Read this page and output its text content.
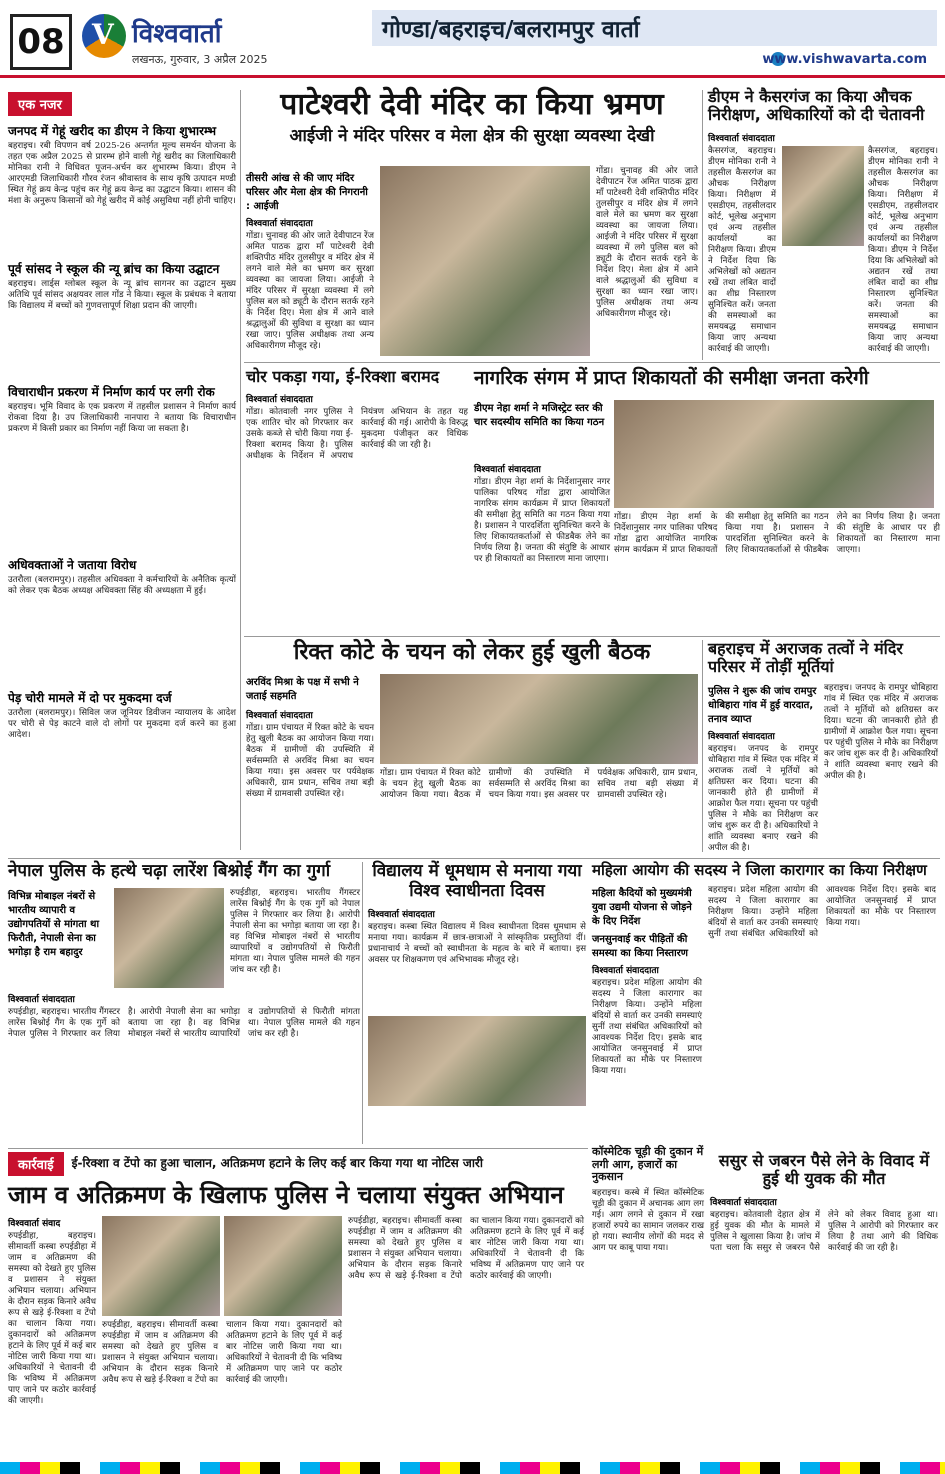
08 V	विश्ववार्ता
लखनऊ, गुरुवार, 3 अप्रैल 2025
गोण्डा/बहराइच/बलरामपुर वार्ता
www.vishwavarta.com
एक नजर
जनपद में गेहूं खरीद का डीएम ने किया शुभारम्भ
बहराइच। रबी विपणन वर्ष 2025-26 अन्तर्गत मूल्य समर्थन योजना के तहत एक अप्रैल 2025 से प्रारम्भ होने वाली गेहूं खरीद का जिलाधिकारी मोनिका रानी ने विधिवत पूजन-अर्चन कर शुभारम्भ किया। डीएम ने आरएमडी जिलाधिकारी गौरव रंजन श्रीवास्तव के साथ कृषि उत्पादन मण्डी स्थित गेहूं क्रय केन्द्र पहुंच कर गेहूं क्रय केन्द्र का उद्घाटन किया। शासन की मंशा के अनुरूप किसानों को गेहूं खरीद में कोई असुविधा नहीं होनी चाहिए।
पूर्व सांसद ने स्कूल की न्यू ब्रांच का किया उद्घाटन
बहराइच। लार्ड्स ग्लोबल स्कूल के न्यू ब्रांच सागनर का उद्घाटन मुख्य अतिथि पूर्व सांसद अक्षयवर लाल गोंड ने किया। स्कूल के प्रबंधक ने बताया कि विद्यालय में बच्चों को गुणवत्तापूर्ण शिक्षा प्रदान की जाएगी।
विचाराधीन प्रकरण में निर्माण कार्य पर लगी रोक
बहराइच। भूमि विवाद के एक प्रकरण में तहसील प्रशासन ने निर्माण कार्य रोकवा दिया है। उप जिलाधिकारी नानपारा ने बताया कि विचाराधीन प्रकरण में किसी प्रकार का निर्माण नहीं किया जा सकता है।
अधिवक्ताओं ने जताया विरोध
उतरौला (बलरामपुर)। तहसील अधिवक्ता ने कर्मचारियों के अनैतिक कृत्यों को लेकर एक बैठक अध्यक्ष अधिवक्ता सिंह की अध्यक्षता में हुई।
पेड़ चोरी मामले में दो पर मुकदमा दर्ज
उतरौला (बलरामपुर)। सिविल जज जूनियर डिवीजन न्यायालय के आदेश पर चोरी से पेड़ काटने वाले दो लोगों पर मुकदमा दर्ज करने का हुआ आदेश।
पाटेश्वरी देवी मंदिर का किया भ्रमण
आईजी ने मंदिर परिसर व मेला क्षेत्र की सुरक्षा व्यवस्था देखी
तीसरी आंख से की जाए मंदिर परिसर और मेला क्षेत्र की निगरानी : आईजी
विश्ववार्ता संवाददाता
गोंडा। चुनावह की ओर जाते देवीपाटन रेंज अमित पाठक द्वारा माँ पाटेश्वरी देवी शक्तिपीठ मंदिर तुलसीपुर व मंदिर क्षेत्र में लगने वाले मेले का भ्रमण कर सुरक्षा व्यवस्था का जायजा लिया। आईजी ने मंदिर परिसर में सुरक्षा व्यवस्था में लगे पुलिस बल को ड्यूटी के दौरान सतर्क रहने के निर्देश दिए। मेला क्षेत्र में आने वाले श्रद्धालुओं की सुविधा व सुरक्षा का ध्यान रखा जाए। पुलिस अधीक्षक तथा अन्य अधिकारीगण मौजूद रहे।
गोंडा। चुनावह की ओर जाते देवीपाटन रेंज अमित पाठक द्वारा माँ पाटेश्वरी देवी शक्तिपीठ मंदिर तुलसीपुर व मंदिर क्षेत्र में लगने वाले मेले का भ्रमण कर सुरक्षा व्यवस्था का जायजा लिया। आईजी ने मंदिर परिसर में सुरक्षा व्यवस्था में लगे पुलिस बल को ड्यूटी के दौरान सतर्क रहने के निर्देश दिए। मेला क्षेत्र में आने वाले श्रद्धालुओं की सुविधा व सुरक्षा का ध्यान रखा जाए। पुलिस अधीक्षक तथा अन्य अधिकारीगण मौजूद रहे।
डीएम ने कैसरगंज का किया औचक निरीक्षण, अधिकारियों को दी चेतावनी
विश्ववार्ता संवाददाता
कैसरगंज, बहराइच। डीएम मोनिका रानी ने तहसील कैसरगंज का औचक निरीक्षण किया। निरीक्षण में एसडीएम, तहसीलदार कोर्ट, भूलेख अनुभाग एवं अन्य तहसील कार्यालयों का निरीक्षण किया। डीएम ने निर्देश दिया कि अभिलेखों को अद्यतन रखें तथा लंबित वादों का शीघ्र निस्तारण सुनिश्चित करें। जनता की समस्याओं का समयबद्ध समाधान किया जाए अन्यथा कार्रवाई की जाएगी।
कैसरगंज, बहराइच। डीएम मोनिका रानी ने तहसील कैसरगंज का औचक निरीक्षण किया। निरीक्षण में एसडीएम, तहसीलदार कोर्ट, भूलेख अनुभाग एवं अन्य तहसील कार्यालयों का निरीक्षण किया। डीएम ने निर्देश दिया कि अभिलेखों को अद्यतन रखें तथा लंबित वादों का शीघ्र निस्तारण सुनिश्चित करें। जनता की समस्याओं का समयबद्ध समाधान किया जाए अन्यथा कार्रवाई की जाएगी।
चोर पकड़ा गया, ई-रिक्शा बरामद
विश्ववार्ता संवाददाता
गोंडा। कोतवाली नगर पुलिस ने एक शातिर चोर को गिरफ्तार कर उसके कब्जे से चोरी किया गया ई-रिक्शा बरामद किया है। पुलिस अधीक्षक के निर्देशन में अपराध नियंत्रण अभियान के तहत यह कार्रवाई की गई। आरोपी के विरुद्ध मुकदमा पंजीकृत कर विधिक कार्रवाई की जा रही है।
नागरिक संगम में प्राप्त शिकायतों की समीक्षा जनता करेगी
डीएम नेहा शर्मा ने मजिस्ट्रेट स्तर की चार सदस्यीय समिति का किया गठन
विश्ववार्ता संवाददाता
गोंडा। डीएम नेहा शर्मा के निर्देशानुसार नगर पालिका परिषद गोंडा द्वारा आयोजित नागरिक संगम कार्यक्रम में प्राप्त शिकायतों की समीक्षा हेतु समिति का गठन किया गया है। प्रशासन ने पारदर्शिता सुनिश्चित करने के लिए शिकायतकर्ताओं से फीडबैक लेने का निर्णय लिया है। जनता की संतुष्टि के आधार पर ही शिकायतों का निस्तारण माना जाएगा।
गोंडा। डीएम नेहा शर्मा के निर्देशानुसार नगर पालिका परिषद गोंडा द्वारा आयोजित नागरिक संगम कार्यक्रम में प्राप्त शिकायतों की समीक्षा हेतु समिति का गठन किया गया है। प्रशासन ने पारदर्शिता सुनिश्चित करने के लिए शिकायतकर्ताओं से फीडबैक लेने का निर्णय लिया है। जनता की संतुष्टि के आधार पर ही शिकायतों का निस्तारण माना जाएगा।
रिक्त कोटे के चयन को लेकर हुई खुली बैठक
अरविंद मिश्रा के पक्ष में सभी ने जताई सहमति
विश्ववार्ता संवाददाता
गोंडा। ग्राम पंचायत में रिक्त कोटे के चयन हेतु खुली बैठक का आयोजन किया गया। बैठक में ग्रामीणों की उपस्थिति में सर्वसम्मति से अरविंद मिश्रा का चयन किया गया। इस अवसर पर पर्यवेक्षक अधिकारी, ग्राम प्रधान, सचिव तथा बड़ी संख्या में ग्रामवासी उपस्थित रहे।
गोंडा। ग्राम पंचायत में रिक्त कोटे के चयन हेतु खुली बैठक का आयोजन किया गया। बैठक में ग्रामीणों की उपस्थिति में सर्वसम्मति से अरविंद मिश्रा का चयन किया गया। इस अवसर पर पर्यवेक्षक अधिकारी, ग्राम प्रधान, सचिव तथा बड़ी संख्या में ग्रामवासी उपस्थित रहे।
बहराइच में अराजक तत्वों ने मंदिर परिसर में तोड़ीं मूर्तियां
पुलिस ने शुरू की जांच रामपुर धोबिहारा गांव में हुई वारदात, तनाव व्याप्त
विश्ववार्ता संवाददाता
बहराइच। जनपद के रामपुर धोबिहारा गांव में स्थित एक मंदिर में अराजक तत्वों ने मूर्तियों को क्षतिग्रस्त कर दिया। घटना की जानकारी होते ही ग्रामीणों में आक्रोश फैल गया। सूचना पर पहुंची पुलिस ने मौके का निरीक्षण कर जांच शुरू कर दी है। अधिकारियों ने शांति व्यवस्था बनाए रखने की अपील की है।
बहराइच। जनपद के रामपुर धोबिहारा गांव में स्थित एक मंदिर में अराजक तत्वों ने मूर्तियों को क्षतिग्रस्त कर दिया। घटना की जानकारी होते ही ग्रामीणों में आक्रोश फैल गया। सूचना पर पहुंची पुलिस ने मौके का निरीक्षण कर जांच शुरू कर दी है। अधिकारियों ने शांति व्यवस्था बनाए रखने की अपील की है।
नेपाल पुलिस के हत्थे चढ़ा लारेंश बिश्नोई गैंग का गुर्गा
विभिन्न मोबाइल नंबरों से भारतीय व्यापारी व उद्योगपतियों से मांगता था फिरौती, नेपाली सेना का भगोड़ा है राम बहादुर
रुपईडीहा, बहराइच। भारतीय गैंगस्टर लारेंस बिश्नोई गैंग के एक गुर्गे को नेपाल पुलिस ने गिरफ्तार कर लिया है। आरोपी नेपाली सेना का भगोड़ा बताया जा रहा है। वह विभिन्न मोबाइल नंबरों से भारतीय व्यापारियों व उद्योगपतियों से फिरौती मांगता था। नेपाल पुलिस मामले की गहन जांच कर रही है।
विश्ववार्ता संवाददाता
रुपईडीहा, बहराइच। भारतीय गैंगस्टर लारेंस बिश्नोई गैंग के एक गुर्गे को नेपाल पुलिस ने गिरफ्तार कर लिया है। आरोपी नेपाली सेना का भगोड़ा बताया जा रहा है। वह विभिन्न मोबाइल नंबरों से भारतीय व्यापारियों व उद्योगपतियों से फिरौती मांगता था। नेपाल पुलिस मामले की गहन जांच कर रही है।
विद्यालय में धूमधाम से मनाया गया विश्व स्वाधीनता दिवस
विश्ववार्ता संवाददाता
बहराइच। कस्बा स्थित विद्यालय में विश्व स्वाधीनता दिवस धूमधाम से मनाया गया। कार्यक्रम में छात्र-छात्राओं ने सांस्कृतिक प्रस्तुतियां दीं। प्रधानाचार्य ने बच्चों को स्वाधीनता के महत्व के बारे में बताया। इस अवसर पर शिक्षकगण एवं अभिभावक मौजूद रहे।
महिला आयोग की सदस्य ने जिला कारागार का किया निरीक्षण
महिला कैदियों को मुख्यमंत्री युवा उद्यमी योजना से जोड़ने के दिए निर्देश
जनसुनवाई कर पीड़ितों की समस्या का किया निस्तारण
विश्ववार्ता संवाददाता
बहराइच। प्रदेश महिला आयोग की सदस्य ने जिला कारागार का निरीक्षण किया। उन्होंने महिला बंदियों से वार्ता कर उनकी समस्याएं सुनीं तथा संबंधित अधिकारियों को आवश्यक निर्देश दिए। इसके बाद आयोजित जनसुनवाई में प्राप्त शिकायतों का मौके पर निस्तारण किया गया।
बहराइच। प्रदेश महिला आयोग की सदस्य ने जिला कारागार का निरीक्षण किया। उन्होंने महिला बंदियों से वार्ता कर उनकी समस्याएं सुनीं तथा संबंधित अधिकारियों को आवश्यक निर्देश दिए। इसके बाद आयोजित जनसुनवाई में प्राप्त शिकायतों का मौके पर निस्तारण किया गया।
कॉस्मेटिक चूड़ी की दुकान में लगी आग, हजारों का नुकसान
बहराइच। कस्बे में स्थित कॉस्मेटिक चूड़ी की दुकान में अचानक आग लग गई। आग लगने से दुकान में रखा हजारों रुपये का सामान जलकर राख हो गया। स्थानीय लोगों की मदद से आग पर काबू पाया गया।
कार्रवाई	ई-रिक्शा व टेंपो का हुआ चालान, अतिक्रमण हटाने के लिए कई बार किया गया था नोटिस जारी
जाम व अतिक्रमण के खिलाफ पुलिस ने चलाया संयुक्त अभियान
विश्ववार्ता संवाद
रुपईडीहा, बहराइच। सीमावर्ती कस्बा रुपईडीहा में जाम व अतिक्रमण की समस्या को देखते हुए पुलिस व प्रशासन ने संयुक्त अभियान चलाया। अभियान के दौरान सड़क किनारे अवैध रूप से खड़े ई-रिक्शा व टेंपो का चालान किया गया। दुकानदारों को अतिक्रमण हटाने के लिए पूर्व में कई बार नोटिस जारी किया गया था। अधिकारियों ने चेतावनी दी कि भविष्य में अतिक्रमण पाए जाने पर कठोर कार्रवाई की जाएगी।
रुपईडीहा, बहराइच। सीमावर्ती कस्बा रुपईडीहा में जाम व अतिक्रमण की समस्या को देखते हुए पुलिस व प्रशासन ने संयुक्त अभियान चलाया। अभियान के दौरान सड़क किनारे अवैध रूप से खड़े ई-रिक्शा व टेंपो का चालान किया गया। दुकानदारों को अतिक्रमण हटाने के लिए पूर्व में कई बार नोटिस जारी किया गया था। अधिकारियों ने चेतावनी दी कि भविष्य में अतिक्रमण पाए जाने पर कठोर कार्रवाई की जाएगी।
रुपईडीहा, बहराइच। सीमावर्ती कस्बा रुपईडीहा में जाम व अतिक्रमण की समस्या को देखते हुए पुलिस व प्रशासन ने संयुक्त अभियान चलाया। अभियान के दौरान सड़क किनारे अवैध रूप से खड़े ई-रिक्शा व टेंपो का चालान किया गया। दुकानदारों को अतिक्रमण हटाने के लिए पूर्व में कई बार नोटिस जारी किया गया था। अधिकारियों ने चेतावनी दी कि भविष्य में अतिक्रमण पाए जाने पर कठोर कार्रवाई की जाएगी।
ससुर से जबरन पैसे लेने के विवाद में हुई थी युवक की मौत
विश्ववार्ता संवाददाता
बहराइच। कोतवाली देहात क्षेत्र में हुई युवक की मौत के मामले में पुलिस ने खुलासा किया है। जांच में पता चला कि ससुर से जबरन पैसे लेने को लेकर विवाद हुआ था। पुलिस ने आरोपी को गिरफ्तार कर लिया है तथा आगे की विधिक कार्रवाई की जा रही है।
